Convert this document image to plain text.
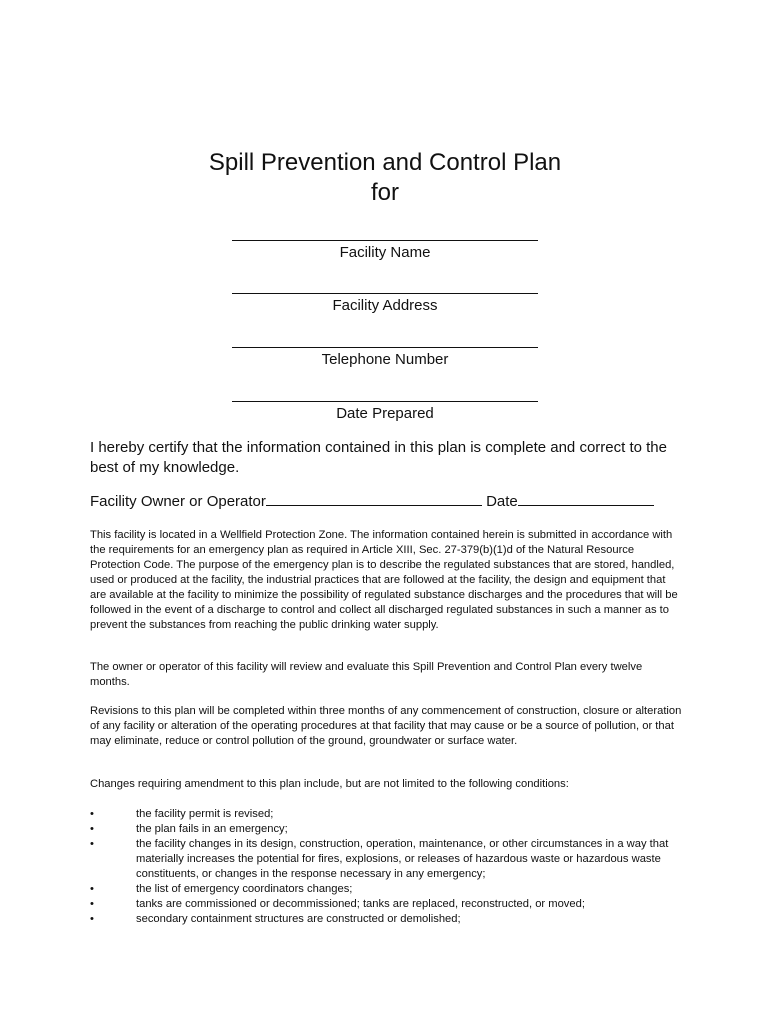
Spill Prevention and Control Plan
for
Facility Name
Facility Address
Telephone Number
Date Prepared
I hereby certify that the information contained in this plan is complete and correct to the best of my knowledge.
Facility Owner or Operator	Date

This facility is located in a Wellfield Protection Zone. The information contained herein is submitted in accordance with the requirements for an emergency plan as required in Article XIII, Sec. 27-379(b)(1)d of the Natural Resource Protection Code. The purpose of the emergency plan is to describe the regulated substances that are stored, handled, used or produced at the facility, the industrial practices that are followed at the facility, the design and equipment that are available at the facility to minimize the possibility of regulated substance discharges and the procedures that will be followed in the event of a discharge to control and collect all discharged regulated substances in such a manner as to prevent the substances from reaching the public drinking water supply.

The owner or operator of this facility will review and evaluate this Spill Prevention and Control Plan every twelve months.

Revisions to this plan will be completed within three months of any commencement of construction, closure or alteration of any facility or alteration of the operating procedures at that facility that may cause or be a source of pollution, or that may eliminate, reduce or control pollution of the ground, groundwater or surface water.

Changes requiring amendment to this plan include, but are not limited to the following conditions:

•	the facility permit is revised;
•	the plan fails in an emergency;
•	the facility changes in its design, construction, operation, maintenance, or other circumstances in a way that materially increases the potential for fires, explosions, or releases of hazardous waste or hazardous waste constituents, or changes in the response necessary in any emergency;
•	the list of emergency coordinators changes;
•	tanks are commissioned or decommissioned; tanks are replaced, reconstructed, or moved;
•	secondary containment structures are constructed or demolished;
